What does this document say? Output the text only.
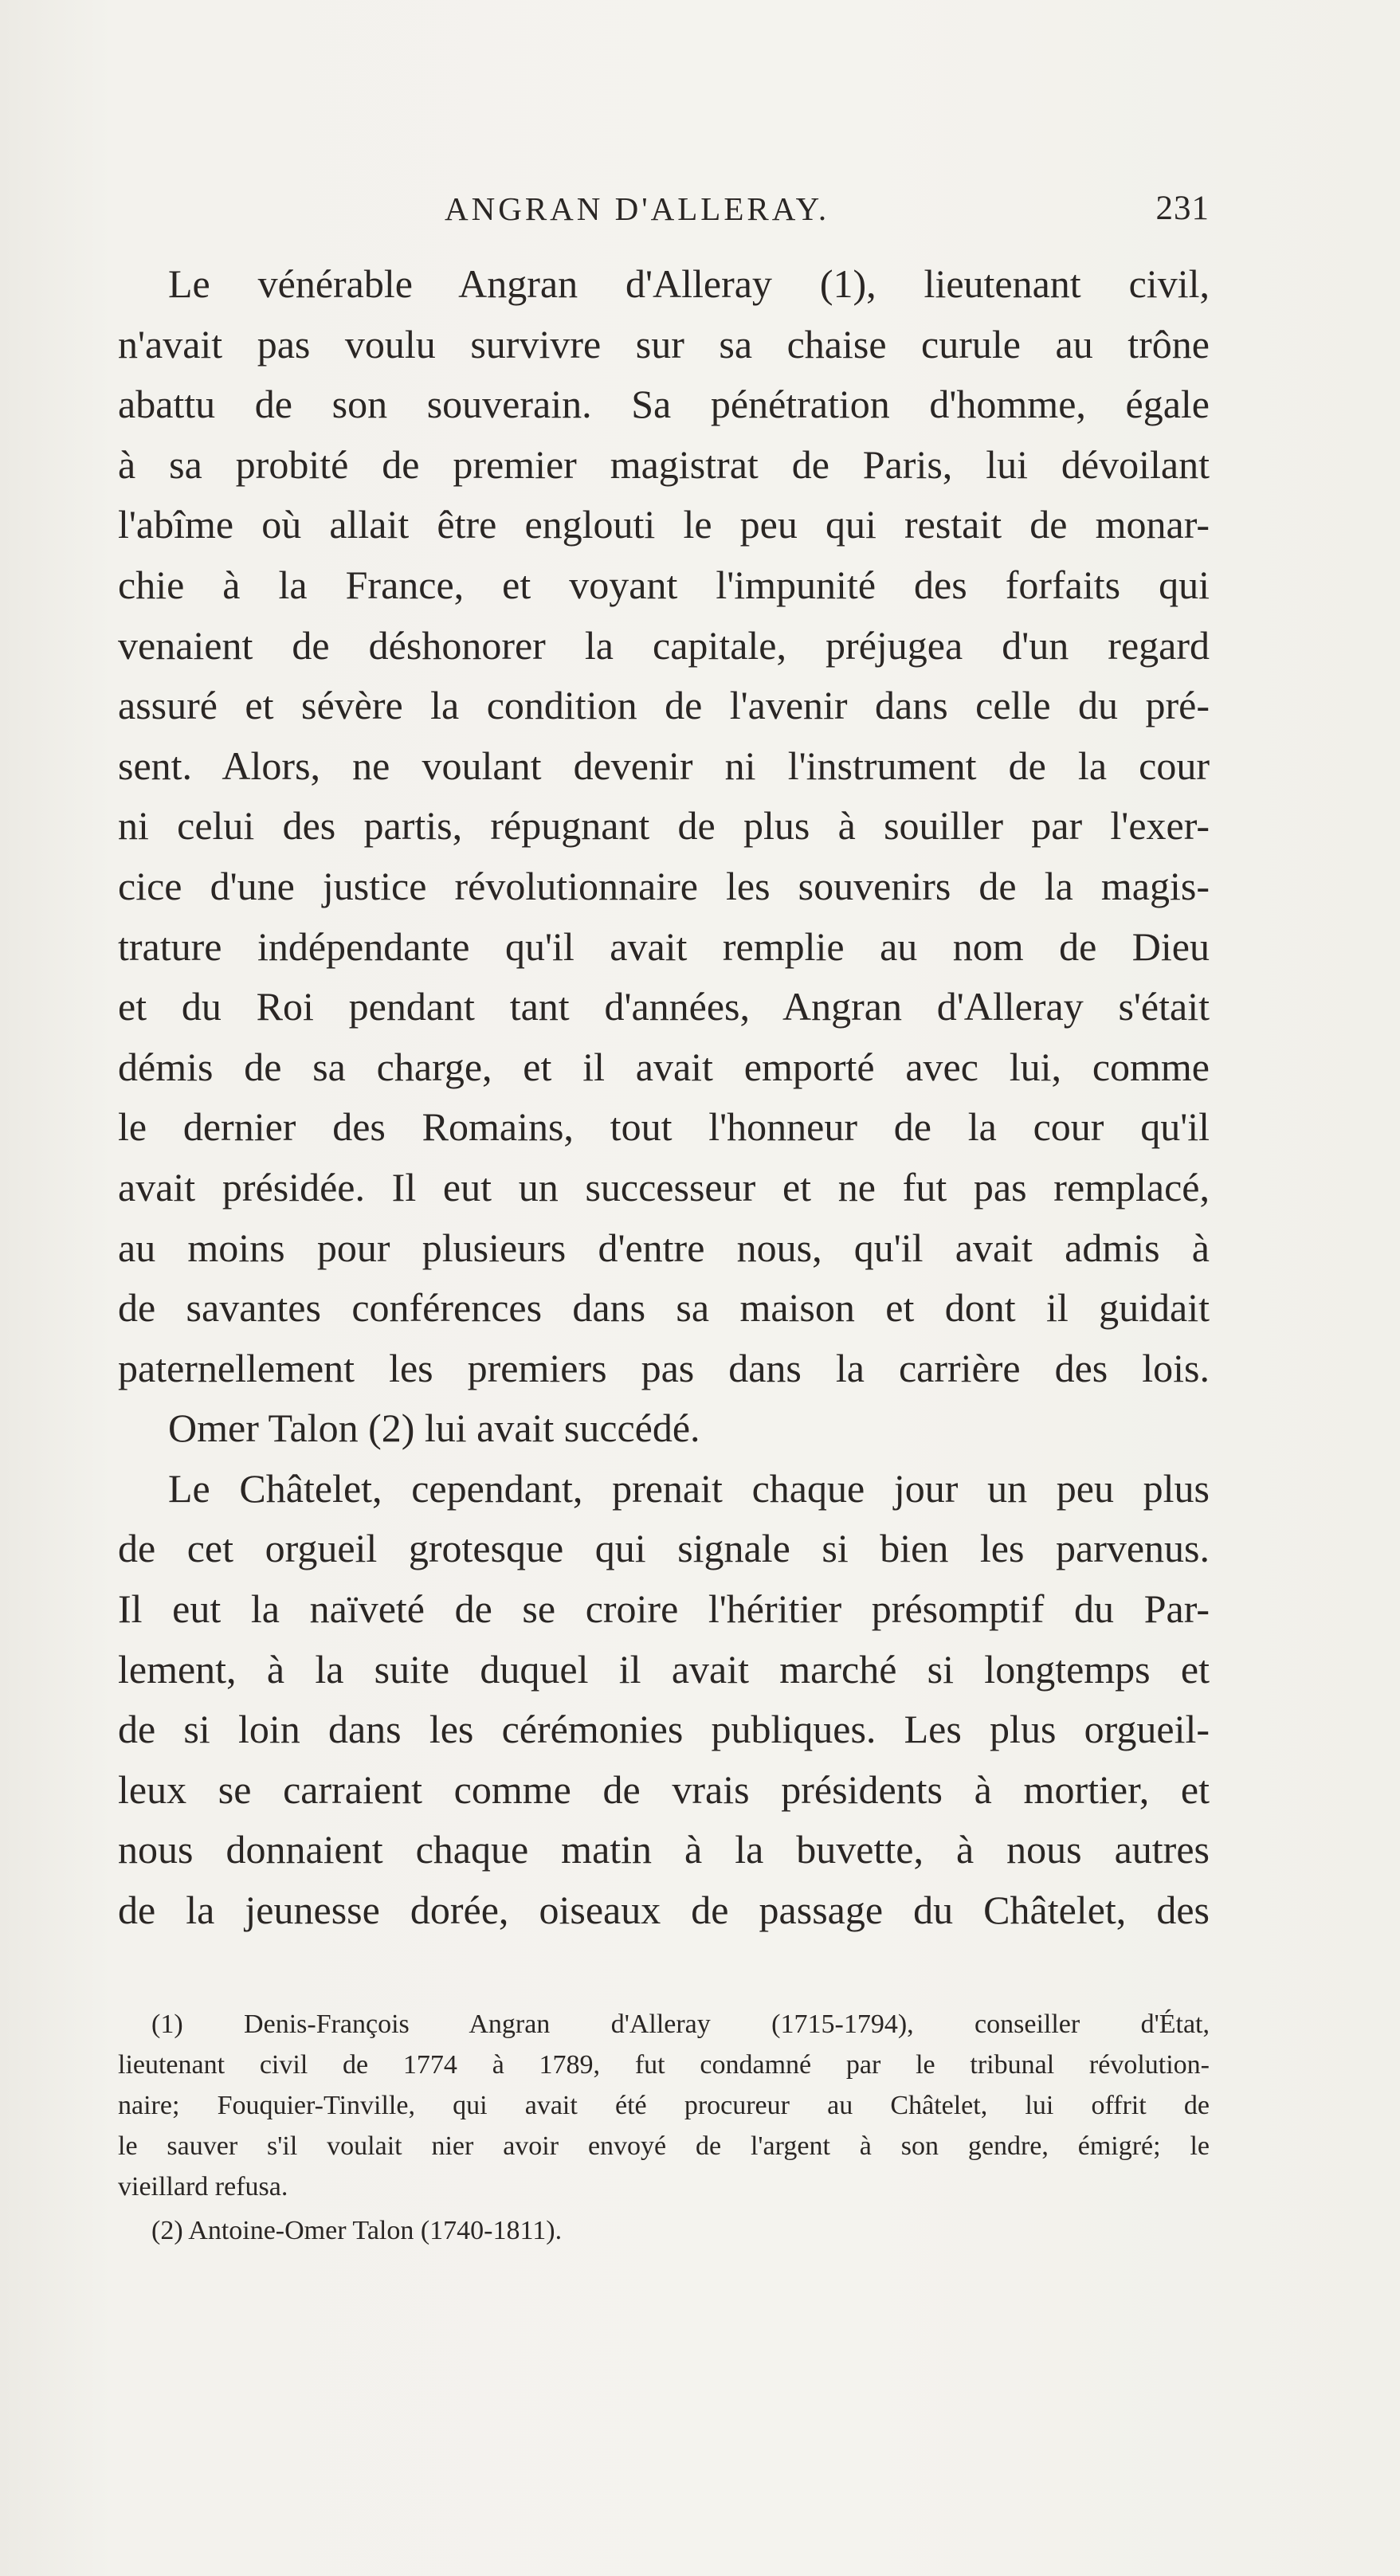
ANGRAN D'ALLERAY.	231
Le vénérable Angran d'Alleray (1), lieutenant civil,
n'avait pas voulu survivre sur sa chaise curule au trône
abattu de son souverain. Sa pénétration d'homme, égale
à sa probité de premier magistrat de Paris, lui dévoilant
l'abîme où allait être englouti le peu qui restait de monar-
chie à la France, et voyant l'impunité des forfaits qui
venaient de déshonorer la capitale, préjugea d'un regard
assuré et sévère la condition de l'avenir dans celle du pré-
sent. Alors, ne voulant devenir ni l'instrument de la cour
ni celui des partis, répugnant de plus à souiller par l'exer-
cice d'une justice révolutionnaire les souvenirs de la magis-
trature indépendante qu'il avait remplie au nom de Dieu
et du Roi pendant tant d'années, Angran d'Alleray s'était
démis de sa charge, et il avait emporté avec lui, comme
le dernier des Romains, tout l'honneur de la cour qu'il
avait présidée. Il eut un successeur et ne fut pas remplacé,
au moins pour plusieurs d'entre nous, qu'il avait admis à
de savantes conférences dans sa maison et dont il guidait
paternellement les premiers pas dans la carrière des lois.
Omer Talon (2) lui avait succédé.
Le Châtelet, cependant, prenait chaque jour un peu plus
de cet orgueil grotesque qui signale si bien les parvenus.
Il eut la naïveté de se croire l'héritier présomptif du Par-
lement, à la suite duquel il avait marché si longtemps et
de si loin dans les cérémonies publiques. Les plus orgueil-
leux se carraient comme de vrais présidents à mortier, et
nous donnaient chaque matin à la buvette, à nous autres
de la jeunesse dorée, oiseaux de passage du Châtelet, des
(1) Denis-François Angran d'Alleray (1715-1794), conseiller d'État,
lieutenant civil de 1774 à 1789, fut condamné par le tribunal révolution-
naire; Fouquier-Tinville, qui avait été procureur au Châtelet, lui offrit de
le sauver s'il voulait nier avoir envoyé de l'argent à son gendre, émigré; le
vieillard refusa.
(2) Antoine-Omer Talon (1740-1811).
